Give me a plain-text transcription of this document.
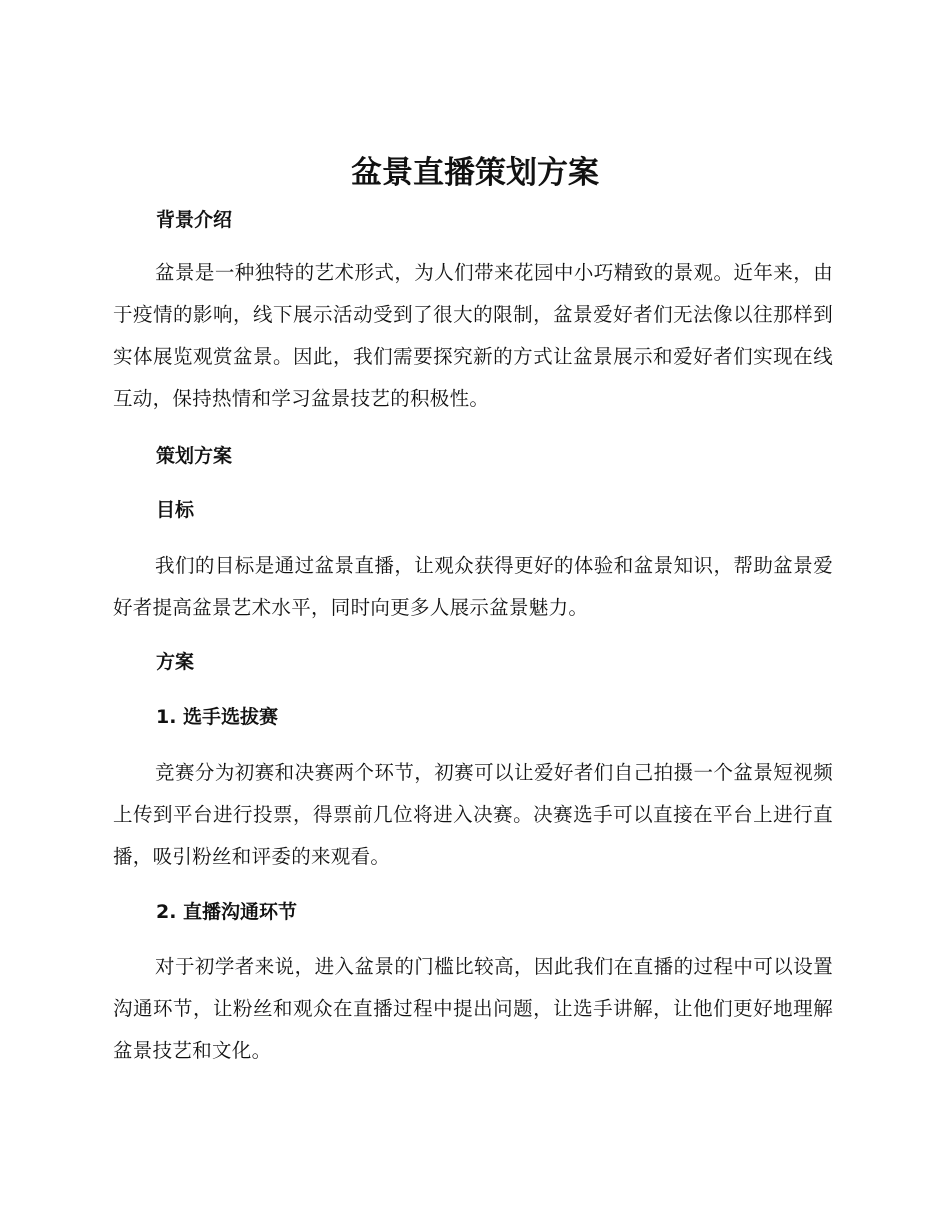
盆景直播策划方案
背景介绍

盆景是一种独特的艺术形式，为人们带来花园中小巧精致的景观。近年来，由于疫情的影响，线下展示活动受到了很大的限制，盆景爱好者们无法像以往那样到实体展览观赏盆景。因此，我们需要探究新的方式让盆景展示和爱好者们实现在线互动，保持热情和学习盆景技艺的积极性。

策划方案
目标

我们的目标是通过盆景直播，让观众获得更好的体验和盆景知识，帮助盆景爱好者提高盆景艺术水平，同时向更多人展示盆景魅力。

方案
1. 选手选拔赛

竞赛分为初赛和决赛两个环节，初赛可以让爱好者们自己拍摄一个盆景短视频上传到平台进行投票，得票前几位将进入决赛。决赛选手可以直接在平台上进行直播，吸引粉丝和评委的来观看。

2. 直播沟通环节

对于初学者来说，进入盆景的门槛比较高，因此我们在直播的过程中可以设置沟通环节，让粉丝和观众在直播过程中提出问题，让选手讲解，让他们更好地理解盆景技艺和文化。
